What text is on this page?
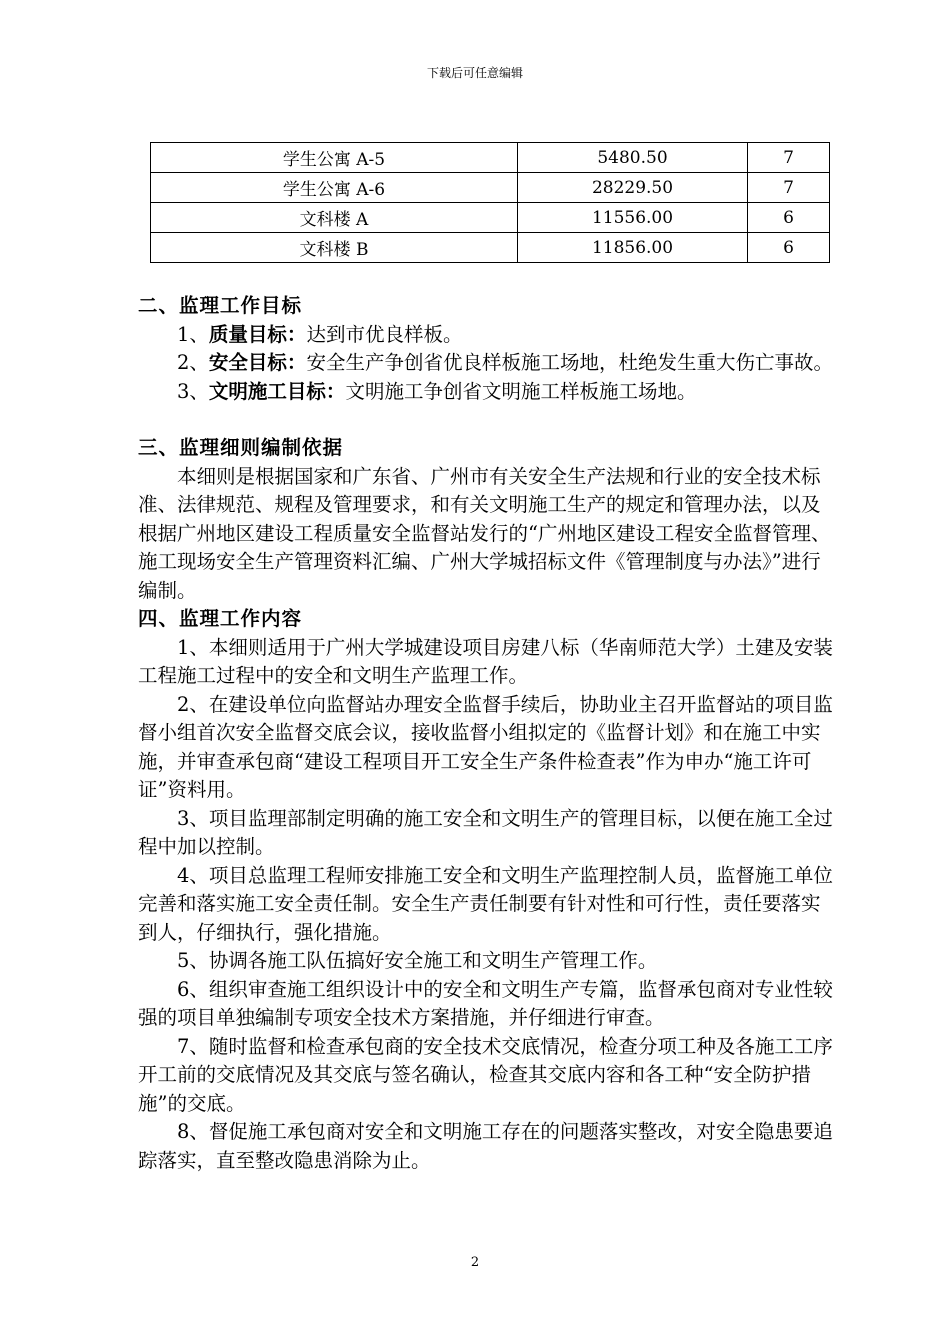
下载后可任意编辑
学生公寓 A-5	5480.50	7
学生公寓 A-6	28229.50	7
文科楼 A	11556.00	6
文科楼 B	11856.00	6

二、监理工作目标

1、质量目标：达到市优良样板。

2、安全目标：安全生产争创省优良样板施工场地，杜绝发生重大伤亡事故。

3、文明施工目标：文明施工争创省文明施工样板施工场地。

三、监理细则编制依据

本细则是根据国家和广东省、广州市有关安全生产法规和行业的安全技术标准、法律规范、规程及管理要求，和有关文明施工生产的规定和管理办法，以及根据广州地区建设工程质量安全监督站发行的“广州地区建设工程安全监督管理、施工现场安全生产管理资料汇编、广州大学城招标文件《管理制度与办法》”进行编制。

四、监理工作内容

1、本细则适用于广州大学城建设项目房建八标（华南师范大学）土建及安装工程施工过程中的安全和文明生产监理工作。

2、在建设单位向监督站办理安全监督手续后，协助业主召开监督站的项目监督小组首次安全监督交底会议，接收监督小组拟定的《监督计划》和在施工中实施，并审查承包商“建设工程项目开工安全生产条件检查表”作为申办“施工许可证”资料用。

3、项目监理部制定明确的施工安全和文明生产的管理目标，以便在施工全过程中加以控制。

4、项目总监理工程师安排施工安全和文明生产监理控制人员，监督施工单位完善和落实施工安全责任制。安全生产责任制要有针对性和可行性，责任要落实到人，仔细执行，强化措施。

5、协调各施工队伍搞好安全施工和文明生产管理工作。

6、组织审查施工组织设计中的安全和文明生产专篇，监督承包商对专业性较强的项目单独编制专项安全技术方案措施，并仔细进行审查。

7、随时监督和检查承包商的安全技术交底情况，检查分项工种及各施工工序开工前的交底情况及其交底与签名确认，检查其交底内容和各工种“安全防护措施”的交底。

8、督促施工承包商对安全和文明施工存在的问题落实整改，对安全隐患要追踪落实，直至整改隐患消除为止。

2
